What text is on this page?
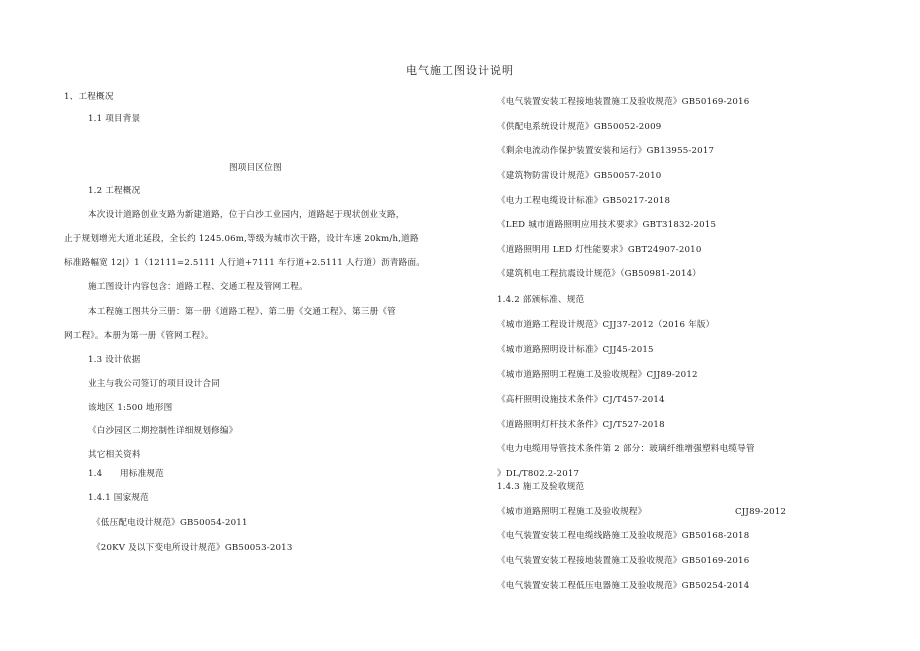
电气施工图设计说明
1、工程概况
1.1 项目背景
图项目区位图
1.2 工程概况
本次设计道路创业支路为新建道路，位于白沙工业园内，道路起于现状创业支路，
止于规划增光大道北延段，全长约 1245.06m,等级为城市次干路，设计车速 20km/h,道路
标准路幅宽 12|）1（12111=2.5111 人行道+7111 车行道+2.5111 人行道）沥青路面。
施工图设计内容包含：道路工程、交通工程及管网工程。
本工程施工图共分三册：第一册《道路工程》、第二册《交通工程》、第三册《管
网工程》。本册为第一册《管网工程》。
1.3 设计依据
业主与我公司签订的项目设计合同
该地区 1:500 地形图
《白沙园区二期控制性详细规划修编》
其它相关资料
1.4 用标准规范
1.4.1 国家规范
《低压配电设计规范》GB50054-2011
《20KV 及以下变电所设计规范》GB50053-2013
《电气装置安装工程接地装置施工及验收规范》GB50169-2016
《供配电系统设计规范》GB50052-2009
《剩余电流动作保护装置安装和运行》GB13955-2017
《建筑物防雷设计规范》GB50057-2010
《电力工程电缆设计标准》GB50217-2018
《LED 城市道路照明应用技术要求》GBT31832-2015
《道路照明用 LED 灯性能要求》GBT24907-2010
《建筑机电工程抗震设计规范》（GB50981-2014）
1.4.2 部颁标准、规范
《城市道路工程设计规范》CJJ37-2012（2016 年版）
《城市道路照明设计标准》CJJ45-2015
《城市道路照明工程施工及验收规程》CJJ89-2012
《高杆照明设施技术条件》CJ/T457-2014
《道路照明灯杆技术条件》CJ/T527-2018
《电力电缆用导管技术条件第 2 部分：玻璃纤维增强塑料电缆导管
》DL/T802.2-2017
1.4.3 施工及验收规范
《城市道路照明工程施工及验收规程》	CJJ89-2012
《电气装置安装工程电缆线路施工及验收规范》GB50168-2018
《电气装置安装工程接地装置施工及验收规范》GB50169-2016
《电气装置安装工程低压电器施工及验收规范》GB50254-2014
